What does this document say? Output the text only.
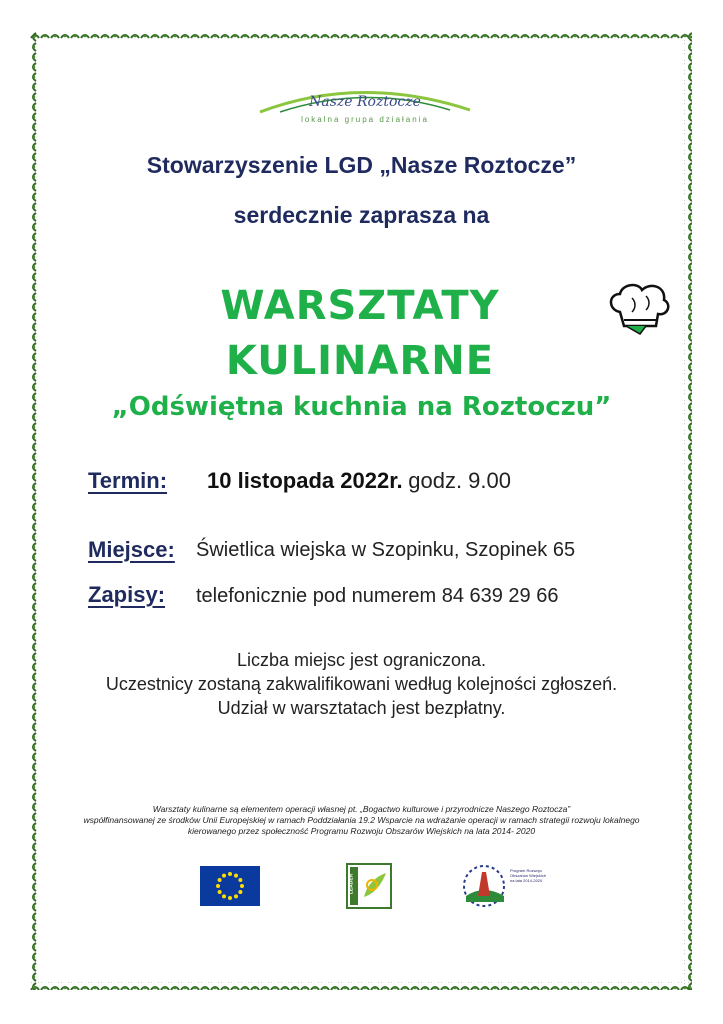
Nasze Roztocze
lokalna grupa działania
Stowarzyszenie LGD „Nasze Roztocze”
serdecznie zaprasza na
WARSZTATY
KULINARNE
„Odświętna kuchnia na Roztoczu”
Termin: 10 listopada 2022r. godz. 9.00
Miejsce: Świetlica wiejska w Szopinku, Szopinek 65
Zapisy: telefonicznie pod numerem 84 639 29 66
Liczba miejsc jest ograniczona.
Uczestnicy zostaną zakwalifikowani według kolejności zgłoszeń.
Udział w warsztatach jest bezpłatny.
Warsztaty kulinarne są elementem operacji własnej pt. „Bogactwo kulturowe i przyrodnicze Naszego Roztocza”
współfinansowanej ze środków Unii Europejskiej w ramach Poddziałania 19.2 Wsparcie na wdrażanie operacji w ramach strategii rozwoju lokalnego
kierowanego przez społeczność Programu Rozwoju Obszarów Wiejskich na lata 2014- 2020
LEADER
Program Rozwoju Obszarów Wiejskich na lata 2014-2020
